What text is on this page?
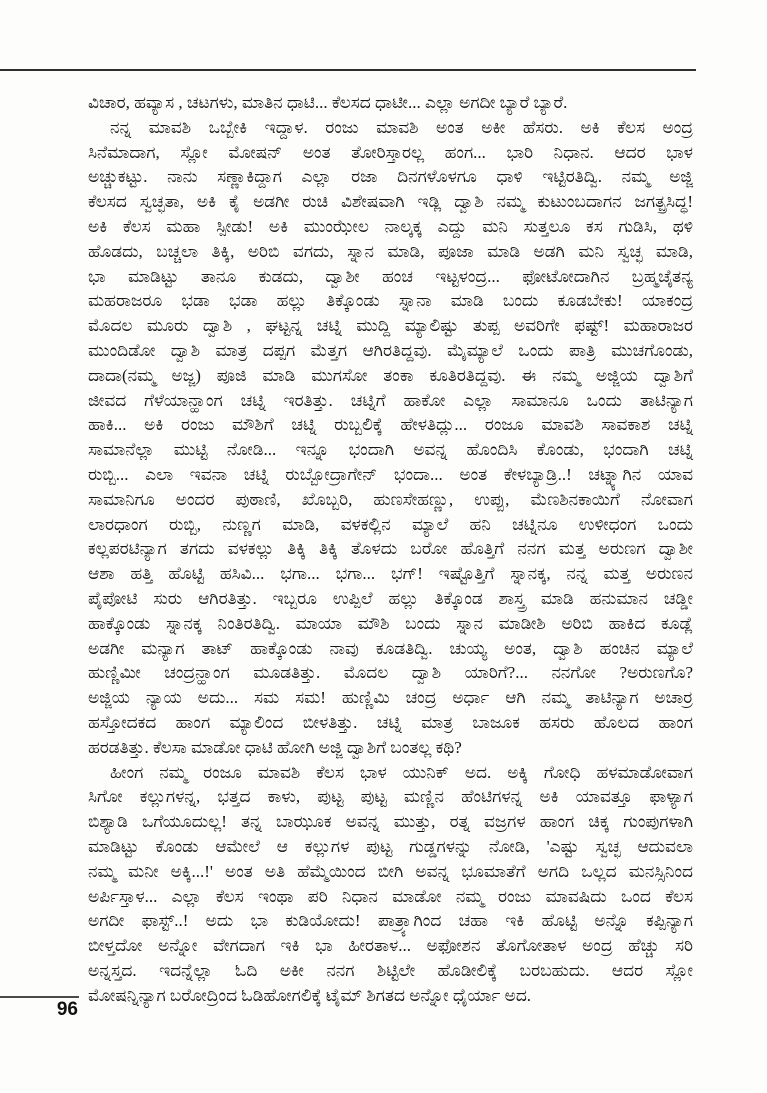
ವಿಚಾರ, ಹವ್ಯಾಸ , ಚಟಗಳು, ಮಾತಿನ ಧಾಟಿ... ಕೆಲಸದ ಧಾಟೀ... ಎಲ್ಲಾ ಅಗದೀ ಬ್ಯಾರೆ ಬ್ಯಾರೆ.
ನನ್ನ ಮಾವಶಿ ಒಬ್ಬೇಕಿ ಇದ್ದಾಳ. ರಂಜು ಮಾವಶಿ ಅಂತ ಅಕೀ ಹೆಸರು. ಅಕಿ ಕೆಲಸ ಅಂದ್ರ
ಸಿನೆಮಾದಾಗ, ಸ್ಲೋ ಮೋಷನ್ ಅಂತ ತೋರಿಸ್ತಾರಲ್ಲ ಹಂಗ... ಭಾರಿ ನಿಧಾನ. ಆದರ ಭಾಳ
ಅಚ್ಚುಕಟ್ಟು. ನಾನು ಸಣ್ಣಾಕಿದ್ದಾಗ ಎಲ್ಲಾ ರಜಾ ದಿನಗಳೊಳಗೂ ಧಾಳಿ ಇಟ್ಟಿರತಿದ್ವಿ. ನಮ್ಮ ಅಜ್ಜಿ
ಕೆಲಸದ ಸ್ವಚ್ಛತಾ, ಅಕಿ ಕೈ ಅಡಗೀ ರುಚಿ ವಿಶೇಷವಾಗಿ ಇಡ್ಲಿ ದ್ವಾಶಿ ನಮ್ಮ ಕುಟುಂಬದಾಗನ ಜಗತ್ಪ್ರಸಿದ್ಧ!
ಅಕಿ ಕೆಲಸ ಮಹಾ ಸ್ಪೀಡು! ಅಕಿ ಮುಂಝೇಲ ನಾಲ್ಕಕ್ಕ ಎದ್ದು ಮನಿ ಸುತ್ತಲೂ ಕಸ ಗುಡಿಸಿ, ಥಳಿ
ಹೊಡದು, ಬಚ್ಚಲಾ ತಿಕ್ಕಿ, ಅರಿಬಿ ವಗದು, ಸ್ನಾನ ಮಾಡಿ, ಪೂಜಾ ಮಾಡಿ ಅಡಗಿ ಮನಿ ಸ್ವಚ್ಛ ಮಾಡಿ,
ಭಾ ಮಾಡಿಟ್ಟು ತಾನೂ ಕುಡದು, ದ್ವಾಶೀ ಹಂಚ ಇಟ್ಟಳಂದ್ರ... ಫೋಟೋದಾಗಿನ ಬ್ರಹ್ಮಚೈತನ್ಯ
ಮಹರಾಜರೂ ಭಡಾ ಭಡಾ ಹಲ್ಲು ತಿಕ್ಕೊಂಡು ಸ್ನಾನಾ ಮಾಡಿ ಬಂದು ಕೂಡಬೇಕು! ಯಾಕಂದ್ರ
ಮೊದಲ ಮೂರು ದ್ವಾಶಿ , ಘಟ್ಟನ್ನ ಚಟ್ನಿ ಮುದ್ದಿ ಮ್ಯಾಲಿಷ್ಟು ತುಪ್ಪ ಅವರಿಗೇ ಫಷ್ಟ್! ಮಹಾರಾಜರ
ಮುಂದಿಡೋ ದ್ವಾಶಿ ಮಾತ್ರ ದಪ್ಪಗ ಮೆತ್ತಗ ಆಗಿರತಿದ್ದವು. ಮೈಮ್ಯಾಲೆ ಒಂದು ಪಾತ್ರಿ ಮುಚಗೊಂಡು,
ದಾದಾ(ನಮ್ಮ ಅಜ್ಜ) ಪೂಜಿ ಮಾಡಿ ಮುಗಸೋ ತಂಕಾ ಕೂತಿರತಿದ್ದವು. ಈ ನಮ್ಮ ಅಜ್ಜಿಯ ದ್ವಾಶಿಗೆ
ಜೀವದ ಗೆಳೆಯಾನ್ಹಾಂಗ ಚಟ್ನಿ ಇರತಿತ್ತು. ಚಟ್ನಿಗೆ ಹಾಕೋ ಎಲ್ಲಾ ಸಾಮಾನೂ ಒಂದು ತಾಟಿನ್ಯಾಗ
ಹಾಕಿ... ಅಕಿ ರಂಜು ಮೌಶಿಗೆ ಚಟ್ನಿ ರುಬ್ಬಲಿಕ್ಕೆ ಹೇಳತಿದ್ಲು... ರಂಜೂ ಮಾವಶಿ ಸಾವಕಾಶ ಚಟ್ನಿ
ಸಾಮಾನೆಲ್ಲಾ ಮುಟ್ಟಿ ನೋಡಿ... ಇನ್ನೂ ಭಂದಾಗಿ ಅವನ್ನ ಹೊಂದಿಸಿ ಕೊಂಡು, ಭಂದಾಗಿ ಚಟ್ನಿ
ರುಬ್ಬಿ... ಎಲಾ ಇವನಾ ಚಟ್ನಿ ರುಬ್ಬೋದ್ರಾಗೇನ್ ಭಂದಾ... ಅಂತ ಕೇಳಬ್ಯಾಡ್ರಿ..! ಚಟ್ನ್ಯಾಗಿನ ಯಾವ
ಸಾಮಾನಿಗೂ ಅಂದರ ಪುಠಾಣಿ, ಖೊಬ್ಬರಿ, ಹುಣಸೇಹಣ್ಣು, ಉಪ್ಪು, ಮೆಣಶಿನಕಾಯಿಗೆ ನೋವಾಗ
ಲಾರಧಾಂಗ ರುಬ್ಬಿ, ನುಣ್ಣಗ ಮಾಡಿ, ವಳಕಲ್ಲಿನ ಮ್ಯಾಲೆ ಹನಿ ಚಟ್ನಿನೂ ಉಳೀಧಂಗ ಒಂದು
ಕಲ್ಲಪರಟಿನ್ಯಾಗ ತಗದು ವಳಕಲ್ಲು ತಿಕ್ಕಿ ತಿಕ್ಕಿ ತೊಳದು ಬರೋ ಹೊತ್ತಿಗೆ ನನಗ ಮತ್ತ ಅರುಣಗ ದ್ವಾಶೀ
ಆಶಾ ಹತ್ತಿ ಹೊಟ್ಟಿ ಹಸಿವಿ... ಭಗಾ... ಭಗಾ... ಭಗ್! ಇಷ್ಟೊತ್ತಿಗೆ ಸ್ನಾನಕ್ಕ, ನನ್ನ ಮತ್ತ ಅರುಣನ
ಪೈಪೋಟಿ ಸುರು ಆಗಿರತಿತ್ತು. ಇಬ್ಬರೂ ಉಪ್ಪಿಲೆ ಹಲ್ಲು ತಿಕ್ಕೊಂಡ ಶಾಸ್ತ್ರ ಮಾಡಿ ಹನುಮಾನ ಚಡ್ಡೀ
ಹಾಕ್ಕೊಂಡು ಸ್ನಾನಕ್ಕ ನಿಂತಿರತಿದ್ವಿ. ಮಾಯಾ ಮೌಶಿ ಬಂದು ಸ್ನಾನ ಮಾಡೀಶಿ ಅರಿಬಿ ಹಾಕಿದ ಕೂಡ್ಲೆ
ಅಡಗೀ ಮನ್ಯಾಗ ತಾಟ್ ಹಾಕ್ಕೊಂಡು ನಾವು ಕೂಡತಿದ್ವಿ. ಚುಯ್ಯ ಅಂತ, ದ್ವಾಶಿ ಹಂಚಿನ ಮ್ಯಾಲೆ
ಹುಣ್ಣಿಮೀ ಚಂದ್ರನ್ಹಾಂಗ ಮೂಡತಿತ್ತು. ಮೊದಲ ದ್ವಾಶಿ ಯಾರಿಗೆ?... ನನಗೋ ?ಅರುಣಗೊ?
ಅಜ್ಜಿಯ ನ್ಯಾಯ ಅದು... ಸಮ ಸಮ! ಹುಣ್ಣಿಮಿ ಚಂದ್ರ ಅರ್ಧಾ ಆಗಿ ನಮ್ಮ ತಾಟಿನ್ಯಾಗ ಅಚಾರ್ರ
ಹಸ್ತೋದಕದ ಹಾಂಗ ಮ್ಯಾಲಿಂದ ಬೀಳತಿತ್ತು. ಚಟ್ನಿ ಮಾತ್ರ ಬಾಜೂಕ ಹಸರು ಹೊಲದ ಹಾಂಗ
ಹರಡತಿತ್ತು. ಕೆಲಸಾ ಮಾಡೋ ಧಾಟಿ ಹೋಗಿ ಅಜ್ಜಿ ದ್ವಾಶಿಗೆ ಬಂತಲ್ಲ ಕಥಿ?
ಹೀಂಗ ನಮ್ಮ ರಂಜೂ ಮಾವಶಿ ಕೆಲಸ ಭಾಳ ಯುನಿಕ್ ಅದ. ಅಕ್ಕಿ ಗೋಧಿ ಹಳಮಾಡೋವಾಗ
ಸಿಗೋ ಕಲ್ಲುಗಳನ್ನ, ಭತ್ತದ ಕಾಳು, ಪುಟ್ಟ ಪುಟ್ಟ ಮಣ್ಣಿನ ಹೆಂಟಿಗಳನ್ನ ಅಕಿ ಯಾವತ್ತೂ ಫಾಳ್ಯಾಗ
ಬಿಶ್ಯಾಡಿ ಒಗೆಯೂದುಲ್ಲ! ತನ್ನ ಬಾಝೂಕ ಅವನ್ನ ಮುತ್ತು, ರತ್ನ ವಜ್ರಗಳ ಹಾಂಗ ಚಿಕ್ಕ ಗುಂಪುಗಳಾಗಿ
ಮಾಡಿಟ್ಟು ಕೊಂಡು ಆಮೇಲೆ ಆ ಕಲ್ಲುಗಳ ಪುಟ್ಟ ಗುಡ್ಡಗಳನ್ನು ನೋಡಿ, 'ಎಷ್ಟು ಸ್ವಚ್ಛ ಆದುವಲಾ
ನಮ್ಮ ಮನೀ ಅಕ್ಕಿ...!' ಅಂತ ಅತಿ ಹೆಮ್ಮೆಯಿಂದ ಬೀಗಿ ಅವನ್ನ ಭೂಮಾತೆಗೆ ಅಗದಿ ಒಲ್ಲದ ಮನಸ್ಸಿನಿಂದ
ಅರ್ಪಿಸ್ತಾಳ... ಎಲ್ಲಾ ಕೆಲಸ ಇಂಥಾ ಪರಿ ನಿಧಾನ ಮಾಡೋ ನಮ್ಮ ರಂಜು ಮಾವಷಿದು ಒಂದ ಕೆಲಸ
ಅಗದೀ ಫಾಸ್ಟ್..! ಅದು ಭಾ ಕುಡಿಯೋದು! ಪಾತ್ರ್ಯಾಗಿಂದ ಚಹಾ ಇಕಿ ಹೊಟ್ಟಿ ಅನ್ನೊ ಕಪ್ಪಿನ್ಯಾಗ
ಬೀಳ್ತದೋ ಅನ್ನೋ ವೇಗದಾಗ ಇಕಿ ಭಾ ಹೀರತಾಳ... ಅಫೋಶನ ತೊಗೋತಾಳ ಅಂದ್ರ ಹೆಚ್ಚು ಸರಿ
ಅನ್ನಸ್ತದ. ಇದನ್ನೆಲ್ಲಾ ಓದಿ ಅಕೀ ನನಗ ಶಿಟ್ಟಿಲೇ ಹೊಡೀಲಿಕ್ಕೆ ಬರಬಹುದು. ಆದರ ಸ್ಲೋ
ಮೋಷನ್ನಿನ್ಯಾಗ ಬರೋದ್ರಿಂದ ಓಡಿಹೋಗಲಿಕ್ಕೆ ಟೈಮ್ ಶಿಗತದ ಅನ್ನೋ ಧೈರ್ಯಾ ಅದ.
96
